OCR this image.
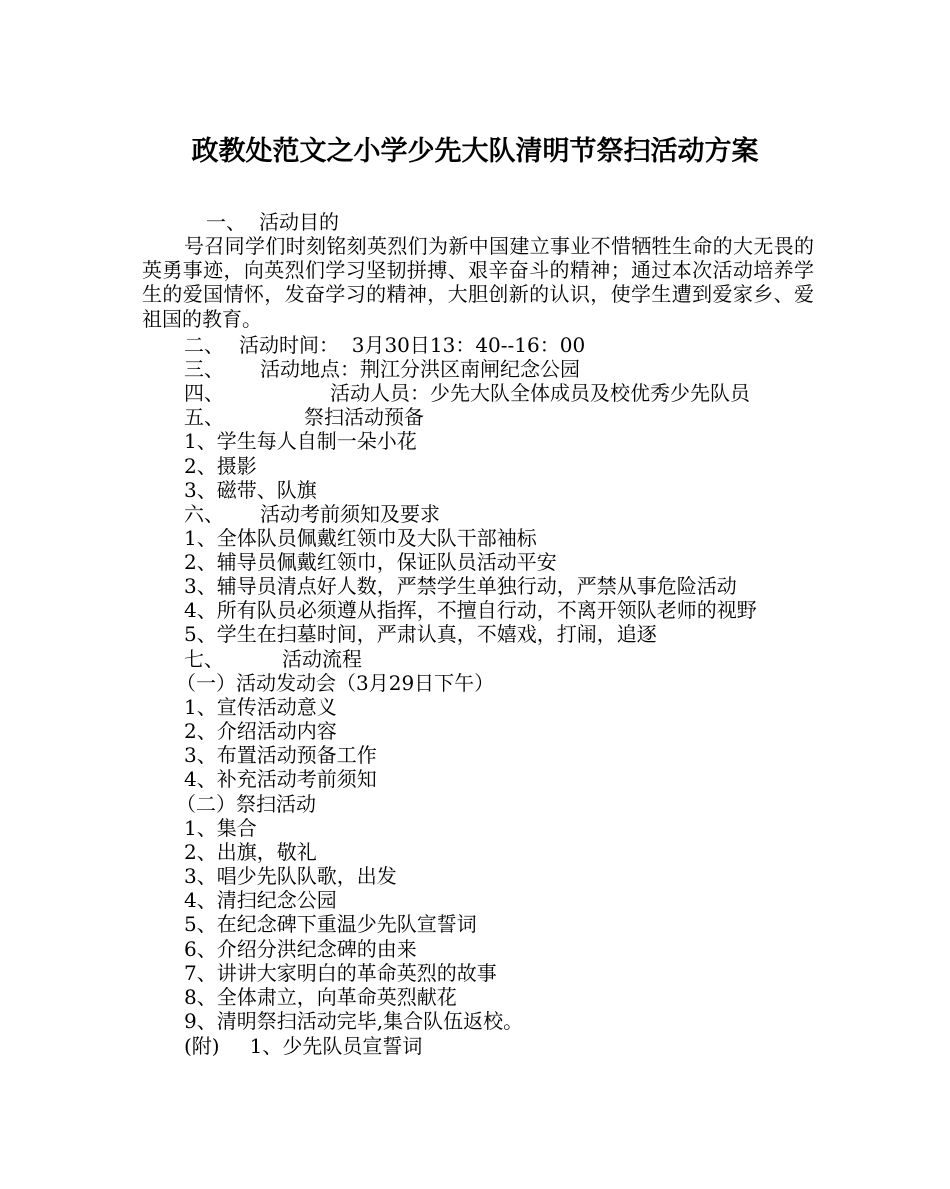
政教处范文之小学少先大队清明节祭扫活动方案
一、 活动目的
号召同学们时刻铭刻英烈们为新中国建立事业不惜牺牲生命的大无畏的英勇事迹，向英烈们学习坚韧拼搏、艰辛奋斗的精神；通过本次活动培养学生的爱国情怀，发奋学习的精神，大胆创新的认识，使学生遭到爱家乡、爱祖国的教育。
二、 活动时间：  3月30日13：40--16：00
三、 活动地点：荆江分洪区南闸纪念公园
四、	活动人员：少先大队全体成员及校优秀少先队员
五、	祭扫活动预备
1、学生每人自制一朵小花
2、摄影
3、磁带、队旗
六、 活动考前须知及要求
1、全体队员佩戴红领巾及大队干部袖标
2、辅导员佩戴红领巾，保证队员活动平安
3、辅导员清点好人数，严禁学生单独行动，严禁从事危险活动
4、所有队员必须遵从指挥，不擅自行动，不离开领队老师的视野
5、学生在扫墓时间，严肃认真，不嬉戏，打闹，追逐
七、	活动流程
（一）活动发动会（3月29日下午）
1、宣传活动意义
2、介绍活动内容
3、布置活动预备工作
4、补充活动考前须知
（二）祭扫活动
1、集合
2、出旗，敬礼
3、唱少先队队歌，出发
4、清扫纪念公园
5、在纪念碑下重温少先队宣誓词
6、介绍分洪纪念碑的由来
7、讲讲大家明白的革命英烈的故事
8、全体肃立，向革命英烈献花
9、清明祭扫活动完毕,集合队伍返校。
(附) 1、少先队员宣誓词
